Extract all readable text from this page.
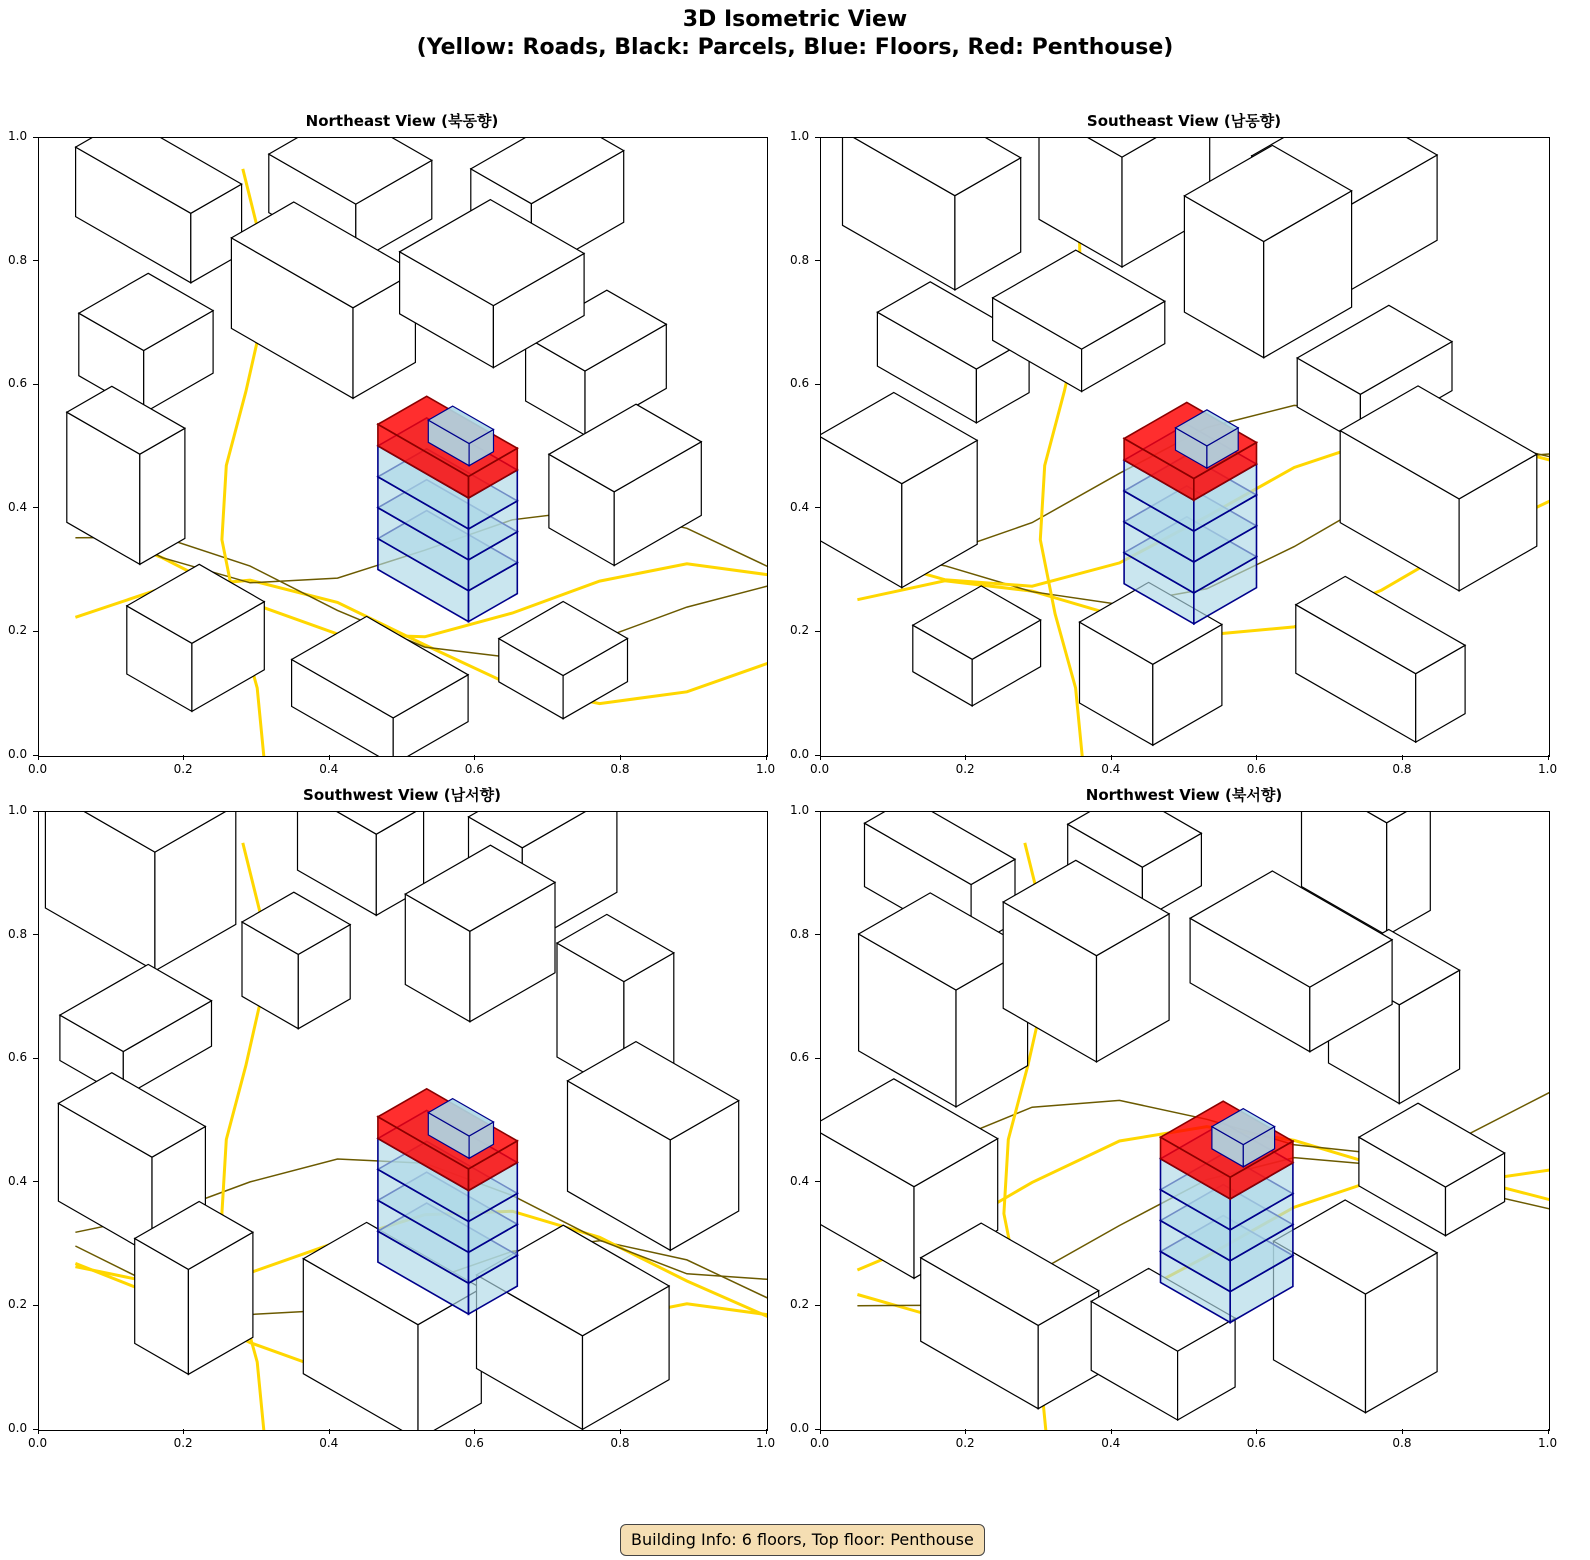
3D Isometric View
(Yellow: Roads, Black: Parcels, Blue: Floors, Red: Penthouse)
Building Info: 6 floors, Top floor: Penthouse
Northeast View (북동향)
0.0	0.2	0.4	0.6	0.8	1.0
0.0
0.2
0.4
0.6
0.8
1.0
Southeast View (남동향)
0.0	0.2	0.4	0.6	0.8	1.0
0.0
0.2
0.4
0.6
0.8
1.0
Southwest View (남서향)
0.0	0.2	0.4	0.6	0.8	1.0
0.0
0.2
0.4
0.6
0.8
1.0
Northwest View (북서향)
0.0	0.2	0.4	0.6	0.8	1.0
0.0
0.2
0.4
0.6
0.8
1.0
